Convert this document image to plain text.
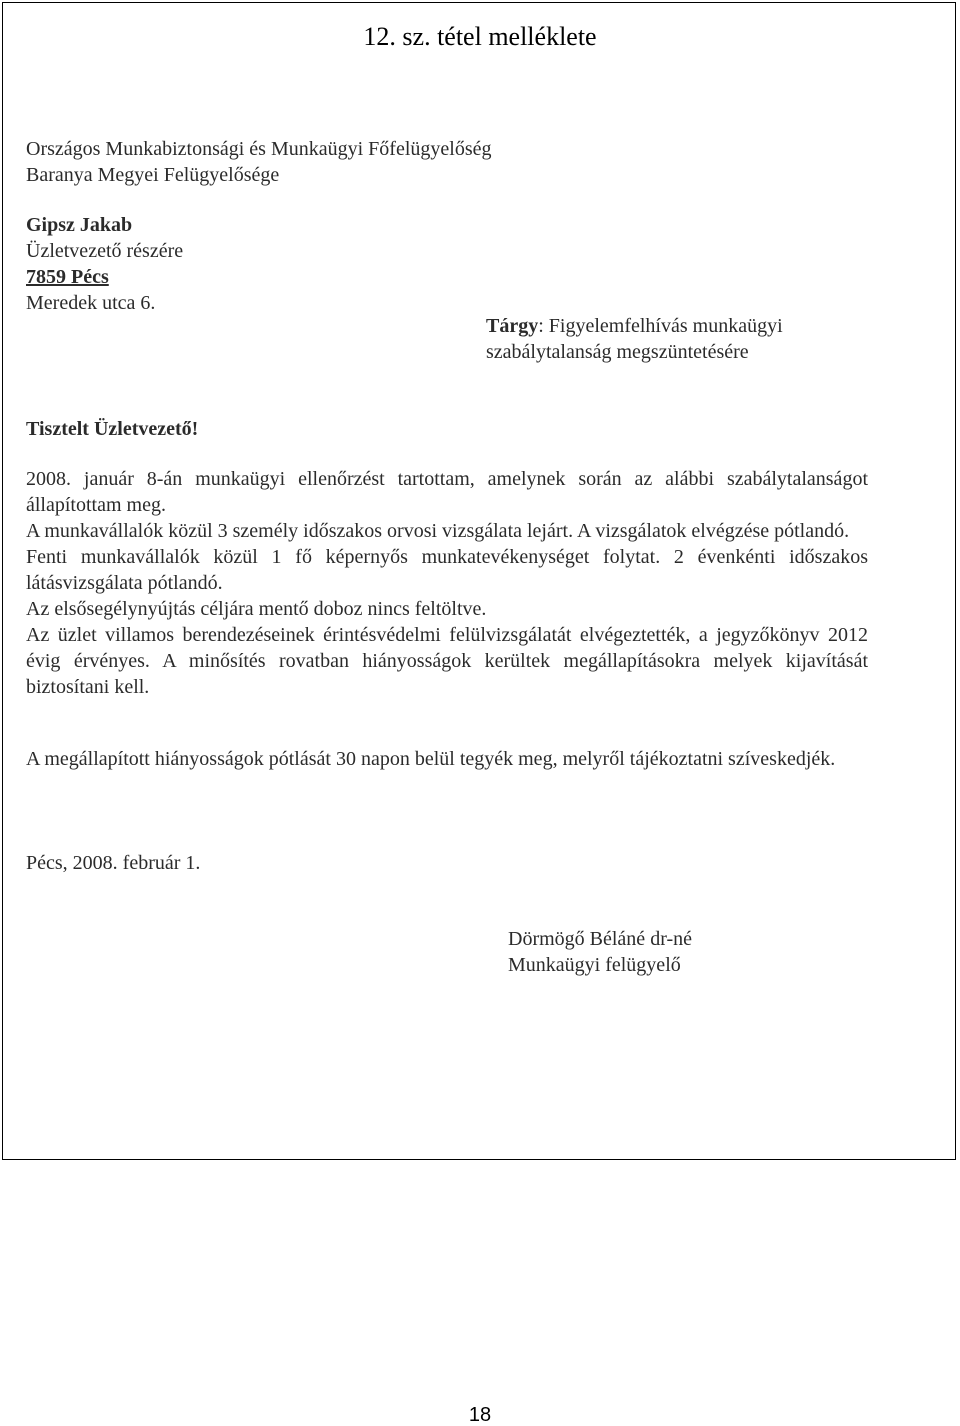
12. sz. tétel melléklete
Országos Munkabiztonsági és Munkaügyi Főfelügyelőség
Baranya Megyei Felügyelősége
Gipsz Jakab
Üzletvezető részére
7859 Pécs
Meredek utca 6.
Tárgy: Figyelemfelhívás munkaügyi szabálytalanság megszüntetésére
Tisztelt Üzletvezető!

2008. január 8-án munkaügyi ellenőrzést tartottam, amelynek során az alábbi szabálytalanságot állapítottam meg.

A munkavállalók közül 3 személy időszakos orvosi vizsgálata lejárt. A vizsgálatok elvégzése pótlandó.

Fenti munkavállalók közül 1 fő képernyős munkatevékenységet folytat. 2 évenkénti időszakos látásvizsgálata pótlandó.

Az elsősegélynyújtás céljára mentő doboz nincs feltöltve.

Az üzlet villamos berendezéseinek érintésvédelmi felülvizsgálatát elvégeztették, a jegyzőkönyv 2012 évig érvényes. A minősítés rovatban hiányosságok kerültek megállapításokra melyek kijavítását biztosítani kell.

A megállapított hiányosságok pótlását 30 napon belül tegyék meg, melyről tájékoztatni szíveskedjék.
Pécs, 2008. február 1.
Dörmögő Béláné dr-né
Munkaügyi felügyelő
18
